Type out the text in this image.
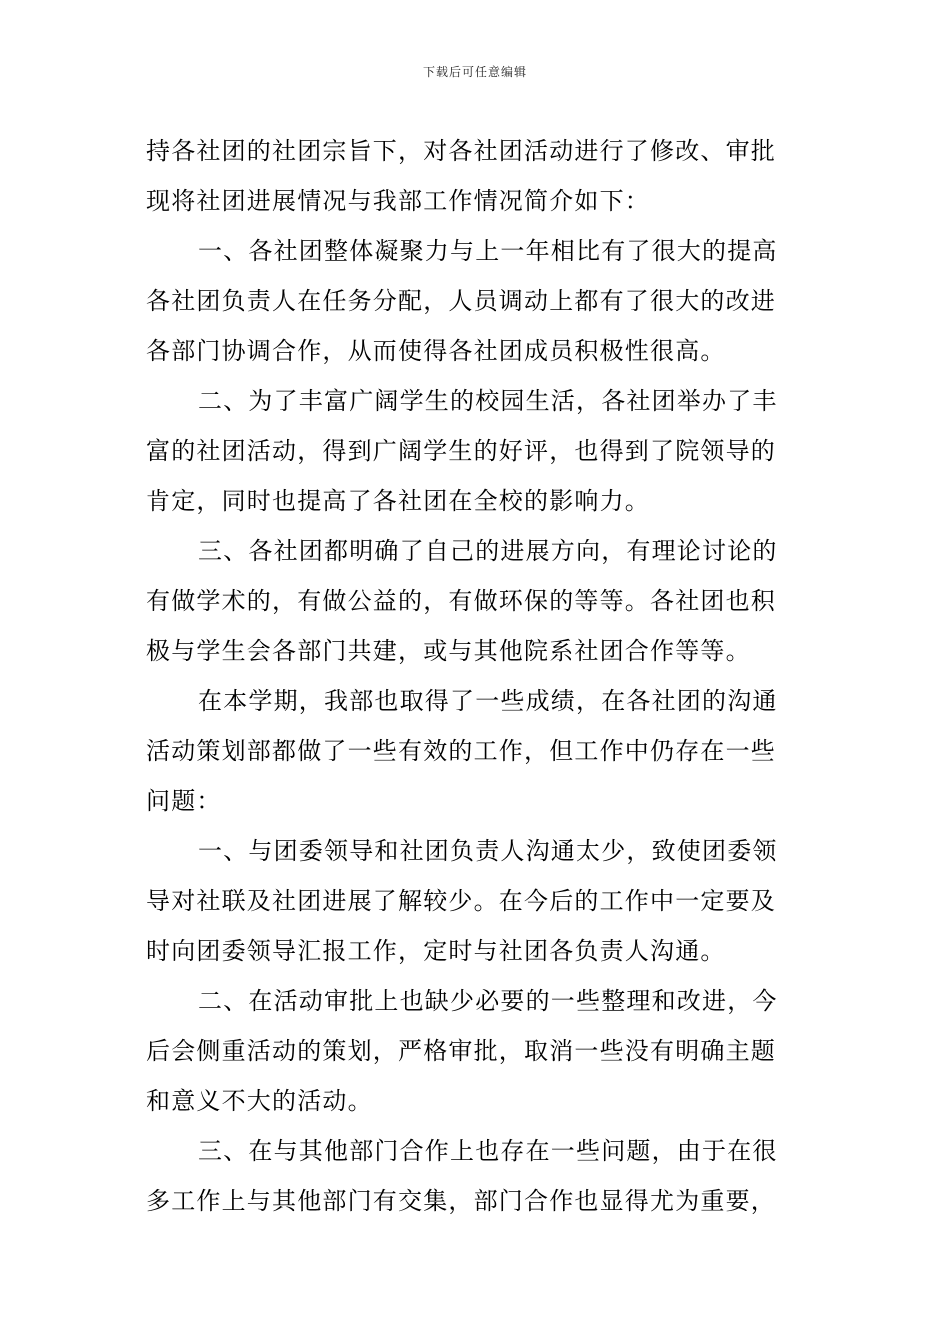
下载后可任意编辑
持各社团的社团宗旨下，对各社团活动进行了修改、审批
现将社团进展情况与我部工作情况简介如下：
一、各社团整体凝聚力与上一年相比有了很大的提高
各社团负责人在任务分配，人员调动上都有了很大的改进
各部门协调合作，从而使得各社团成员积极性很高。
二、为了丰富广阔学生的校园生活，各社团举办了丰
富的社团活动，得到广阔学生的好评，也得到了院领导的
肯定，同时也提高了各社团在全校的影响力。
三、各社团都明确了自己的进展方向，有理论讨论的
有做学术的，有做公益的，有做环保的等等。各社团也积
极与学生会各部门共建，或与其他院系社团合作等等。
在本学期，我部也取得了一些成绩，在各社团的沟通
活动策划部都做了一些有效的工作，但工作中仍存在一些
问题：
一、与团委领导和社团负责人沟通太少，致使团委领
导对社联及社团进展了解较少。在今后的工作中一定要及
时向团委领导汇报工作，定时与社团各负责人沟通。
二、在活动审批上也缺少必要的一些整理和改进，今
后会侧重活动的策划，严格审批，取消一些没有明确主题
和意义不大的活动。
三、在与其他部门合作上也存在一些问题，由于在很
多工作上与其他部门有交集，部门合作也显得尤为重要，
